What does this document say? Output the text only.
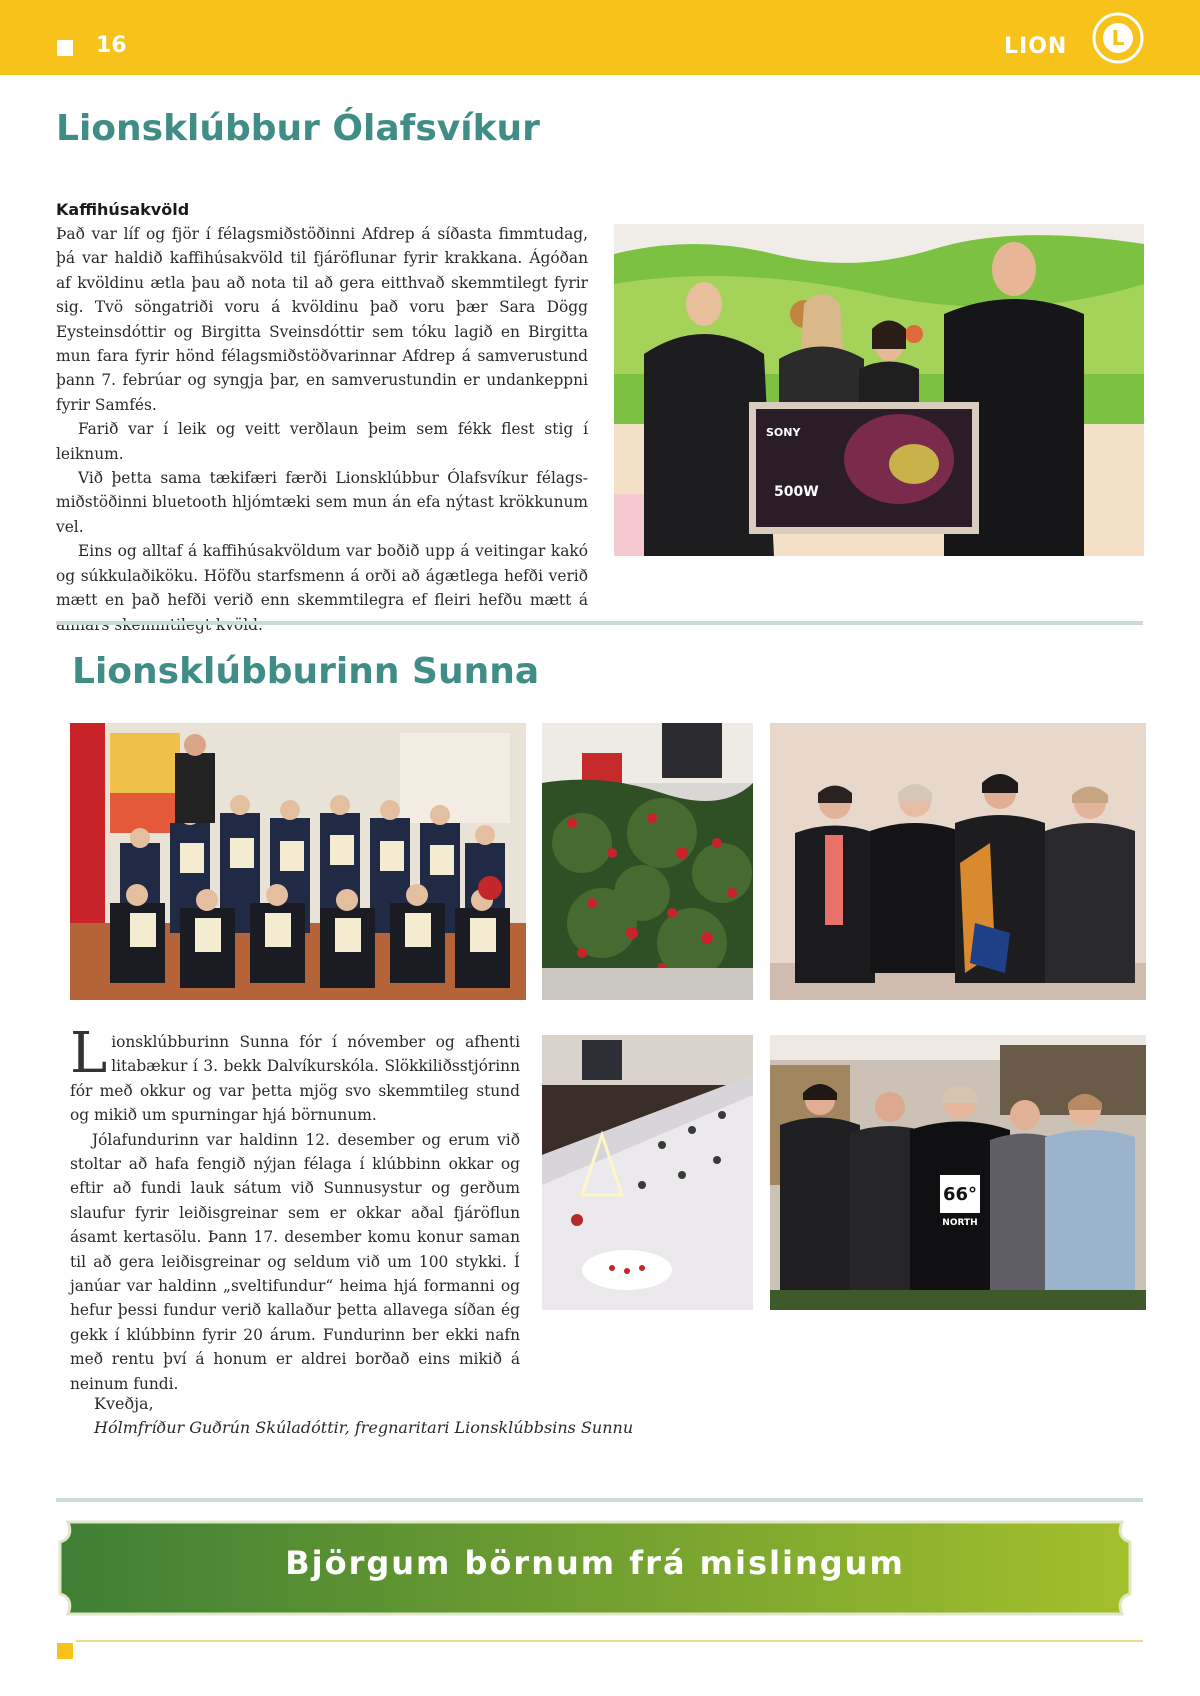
16	LION L
Lionsklúbbur Ólafsvíkur
Kaffihúsakvöld

Það var líf og fjör í félagsmiðstöðinni Afdrep á síðasta fimmtudag, þá var haldið kaffihúsakvöld til fjáröflunar fyrir krakkana. Ágóðan af kvöldinu ætla þau að nota til að gera eitthvað skemmtilegt fyrir sig. Tvö söngatriði voru á kvöldinu það voru þær Sara Dögg Eysteinsdóttir og Birgitta Sveinsdóttir sem tóku lagið en Birgitta mun fara fyrir hönd félagsmiðstöðvarinnar Afdrep á samverustund þann 7. febrúar og syngja þar, en samverustundin er undankeppni fyrir Samfés.

Farið var í leik og veitt verðlaun þeim sem fékk flest stig í leiknum.

Við þetta sama tækifæri færði Lionsklúbbur Ólafsvíkur félags-miðstöðinni bluetooth hljómtæki sem mun án efa nýtast krökkunum vel.

Eins og alltaf á kaffihúsakvöldum var boðið upp á veitingar kakó og súkkulaðiköku. Höfðu starfsmenn á orði að ágætlega hefði verið mætt en það hefði verið enn skemmtilegra ef fleiri hefðu mætt á

SONY
500W
Lionsklúbburinn Sunna

Lionsklúbburinn Sunna fór í nóvember og afhenti litabækur í 3. bekk Dalvíkurskóla. Slökkiliðsstjórinn fór með okkur og var þetta mjög svo skemmtileg stund og mikið um spurningar hjá börnunum.

Jólafundurinn var haldinn 12. desember og erum við stoltar að hafa fengið nýjan félaga í klúbbinn okkar og eftir að fundi lauk sátum við Sunnusystur og gerðum slaufur fyrir leiðisgreinar sem er okkar aðal fjáröflun ásamt kertasölu. Þann 17. desember komu konur saman til að gera leiðisgreinar og seldum við um 100 stykki. Í janúar var haldinn „sveltifundur“ heima hjá formanni og hefur þessi fundur verið kallaður þetta allavega síðan ég gekk í klúbbinn fyrir 20 árum. Fundurinn ber ekki nafn með rentu því á honum er aldrei borðað eins mikið á neinum fundi.

66°
NORTH
Kveðja,
Hólmfríður Guðrún Skúladóttir, fregnaritari Lionsklúbbsins Sunnu
Björgum börnum frá mislingum
